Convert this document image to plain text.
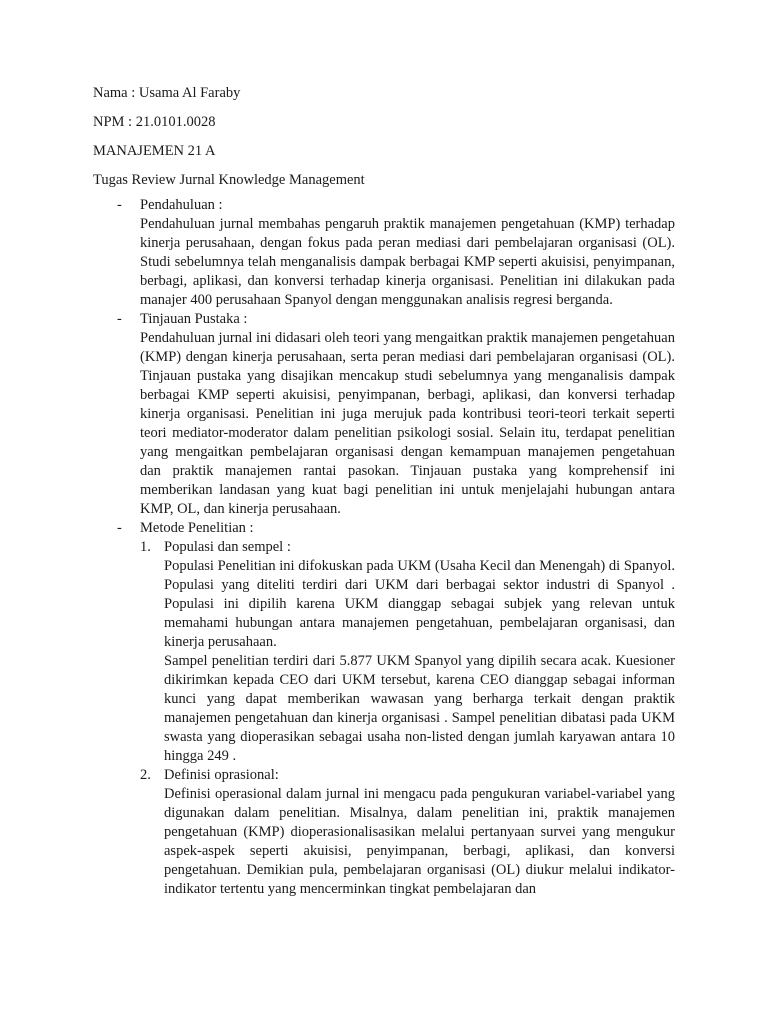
Nama : Usama Al Faraby

NPM : 21.0101.0028

MANAJEMEN 21 A

Tugas Review Jurnal Knowledge Management

- Pendahuluan :

Pendahuluan jurnal membahas pengaruh praktik manajemen pengetahuan (KMP) terhadap kinerja perusahaan, dengan fokus pada peran mediasi dari pembelajaran organisasi (OL). Studi sebelumnya telah menganalisis dampak berbagai KMP seperti akuisisi, penyimpanan, berbagi, aplikasi, dan konversi terhadap kinerja organisasi. Penelitian ini dilakukan pada manajer 400 perusahaan Spanyol dengan menggunakan analisis regresi berganda.

- Tinjauan Pustaka :

Pendahuluan jurnal ini didasari oleh teori yang mengaitkan praktik manajemen pengetahuan (KMP) dengan kinerja perusahaan, serta peran mediasi dari pembelajaran organisasi (OL). Tinjauan pustaka yang disajikan mencakup studi sebelumnya yang menganalisis dampak berbagai KMP seperti akuisisi, penyimpanan, berbagi, aplikasi, dan konversi terhadap kinerja organisasi. Penelitian ini juga merujuk pada kontribusi teori-teori terkait seperti teori mediator-moderator dalam penelitian psikologi sosial. Selain itu, terdapat penelitian yang mengaitkan pembelajaran organisasi dengan kemampuan manajemen pengetahuan dan praktik manajemen rantai pasokan. Tinjauan pustaka yang komprehensif ini memberikan landasan yang kuat bagi penelitian ini untuk menjelajahi hubungan antara KMP, OL, dan kinerja perusahaan.

- Metode Penelitian :
1. Populasi dan sempel :

Populasi Penelitian ini difokuskan pada UKM (Usaha Kecil dan Menengah) di Spanyol. Populasi yang diteliti terdiri dari UKM dari berbagai sektor industri di Spanyol . Populasi ini dipilih karena UKM dianggap sebagai subjek yang relevan untuk memahami hubungan antara manajemen pengetahuan, pembelajaran organisasi, dan kinerja perusahaan.

Sampel penelitian terdiri dari 5.877 UKM Spanyol yang dipilih secara acak. Kuesioner dikirimkan kepada CEO dari UKM tersebut, karena CEO dianggap sebagai informan kunci yang dapat memberikan wawasan yang berharga terkait dengan praktik manajemen pengetahuan dan kinerja organisasi . Sampel penelitian dibatasi pada UKM swasta yang dioperasikan sebagai usaha non-listed dengan jumlah karyawan antara 10 hingga 249 .

2. Definisi oprasional:

Definisi operasional dalam jurnal ini mengacu pada pengukuran variabel-variabel yang digunakan dalam penelitian. Misalnya, dalam penelitian ini, praktik manajemen pengetahuan (KMP) dioperasionalisasikan melalui pertanyaan survei yang mengukur aspek-aspek seperti akuisisi, penyimpanan, berbagi, aplikasi, dan konversi pengetahuan. Demikian pula, pembelajaran organisasi (OL) diukur melalui indikator-indikator tertentu yang mencerminkan tingkat pembelajaran dan
